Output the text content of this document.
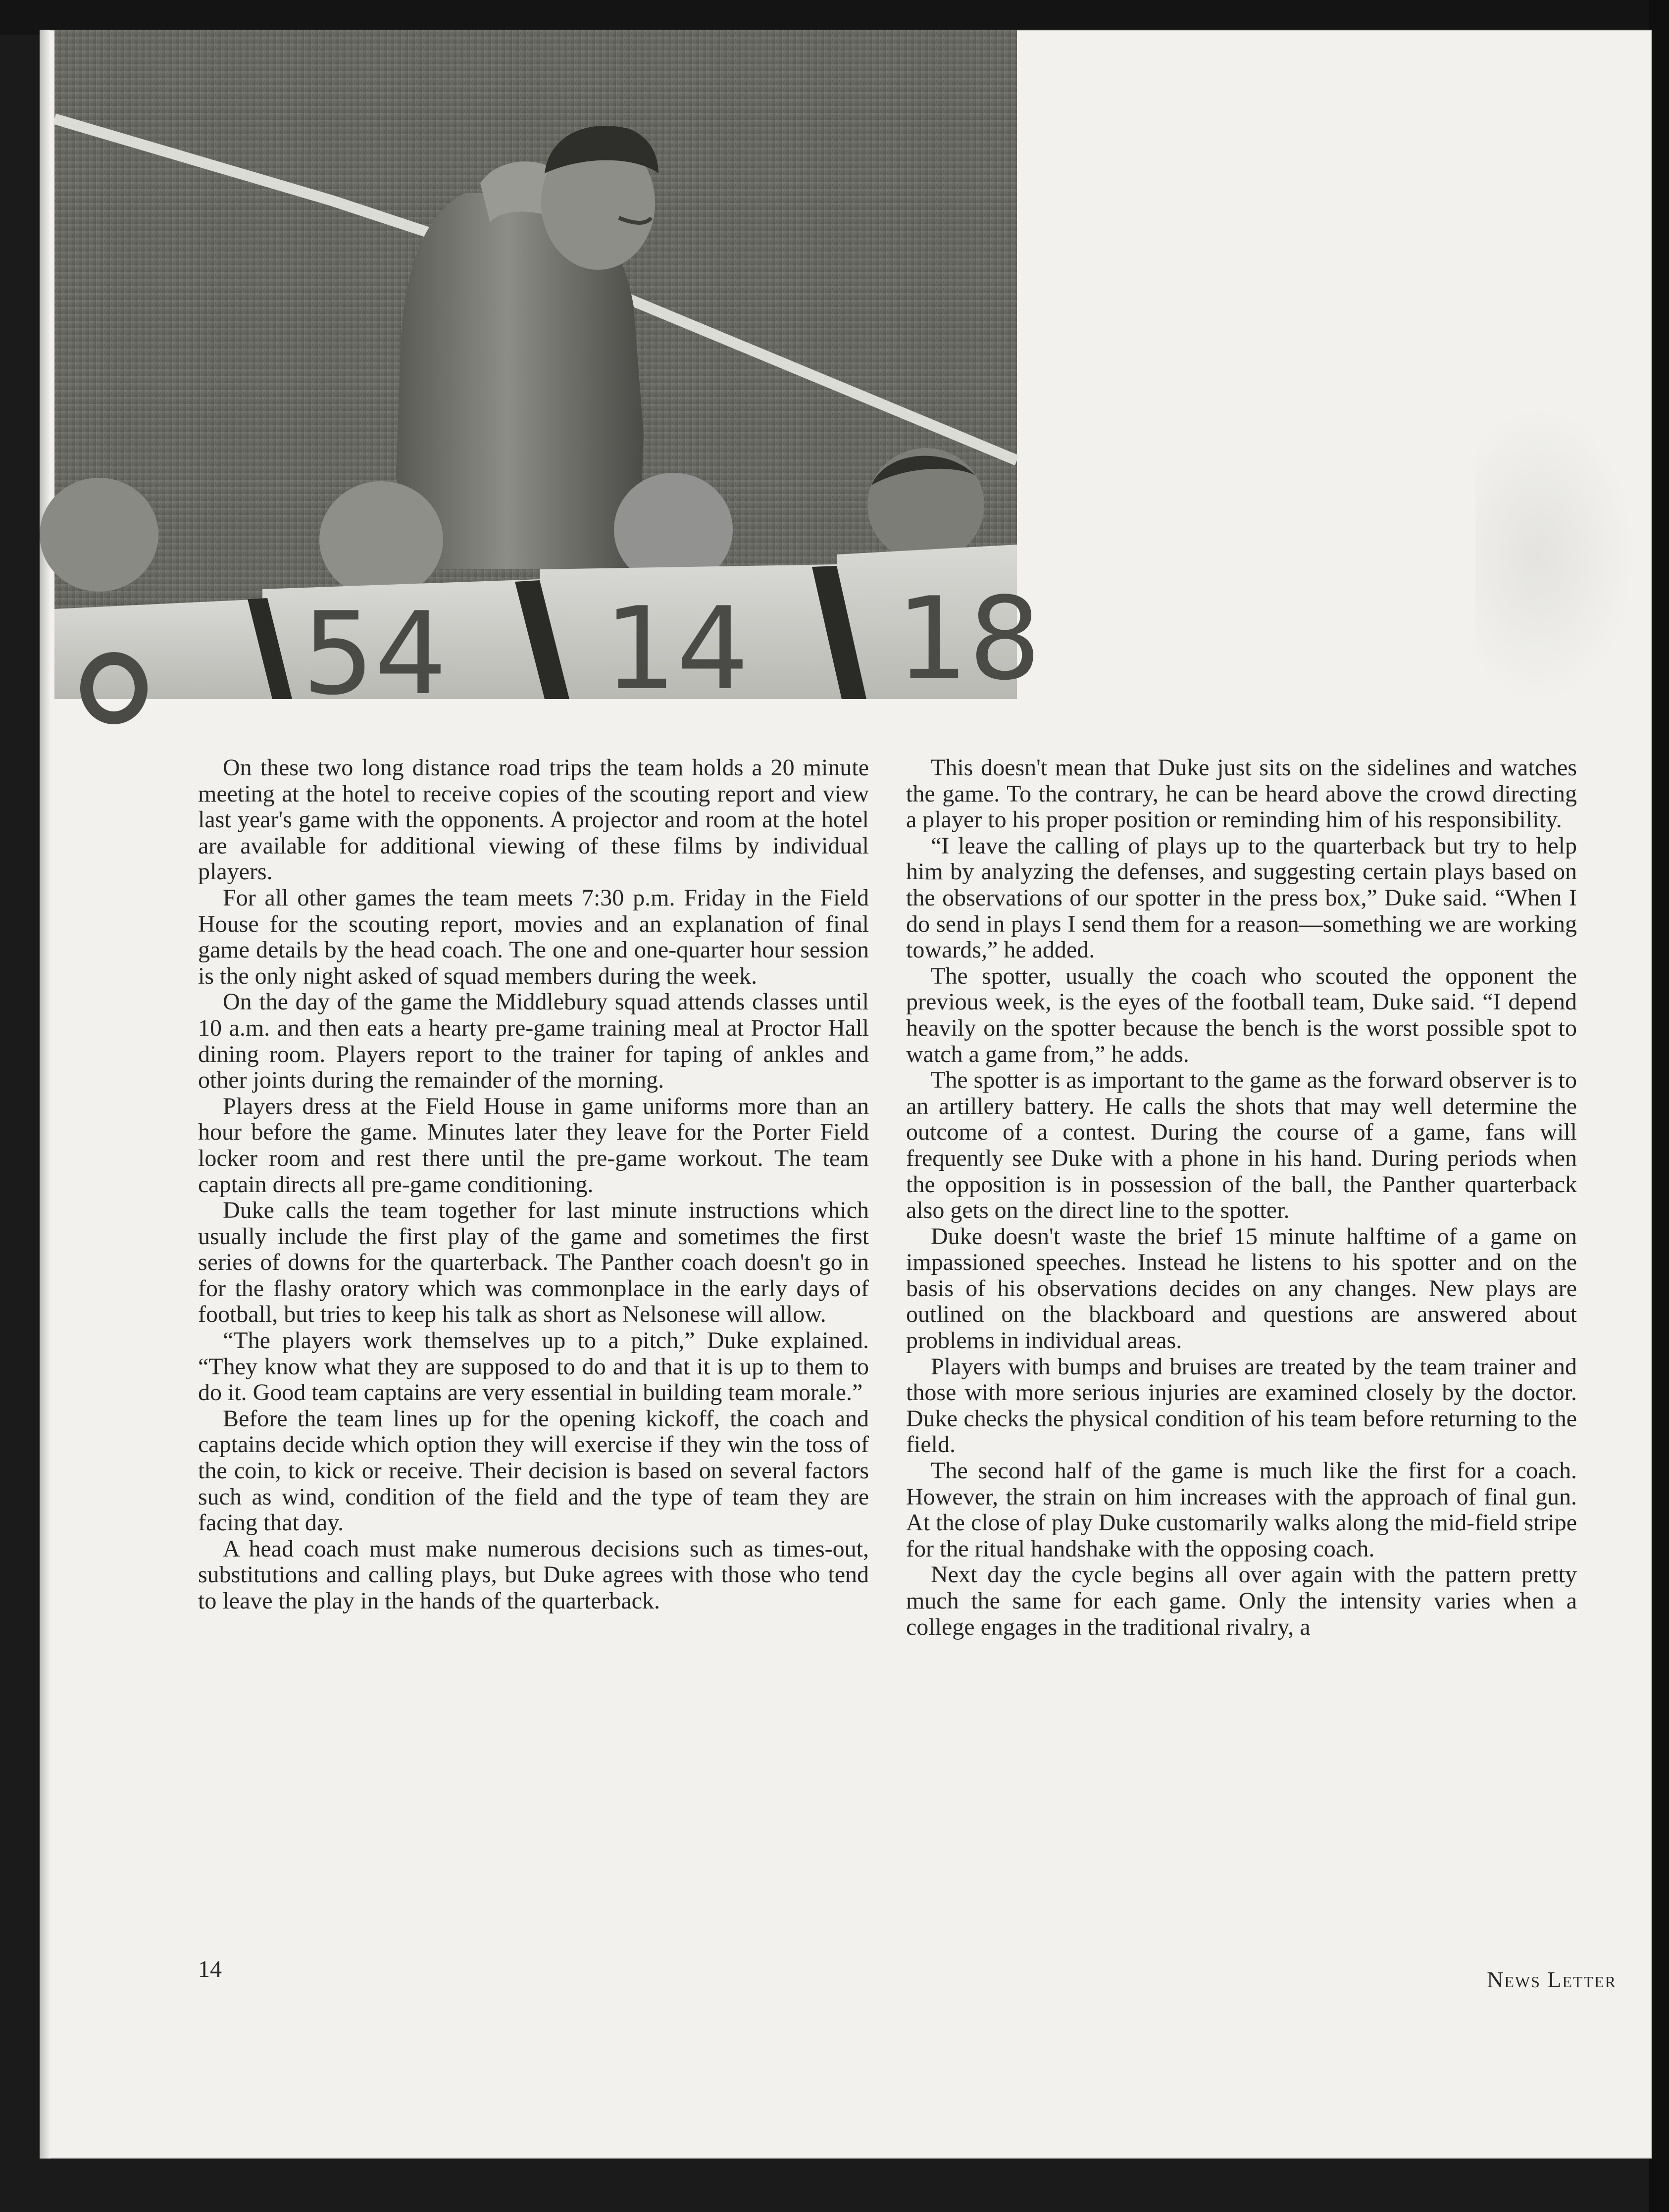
54 14 18

On these two long distance road trips the team holds a 20 minute meeting at the hotel to receive copies of the scouting report and view last year's game with the opponents. A projector and room at the hotel are available for additional viewing of these films by individual players.

For all other games the team meets 7:30 p.m. Friday in the Field House for the scouting report, movies and an explanation of final game details by the head coach. The one and one-quarter hour session is the only night asked of squad members during the week.

On the day of the game the Middlebury squad attends classes until 10 a.m. and then eats a hearty pre-game training meal at Proctor Hall dining room. Players report to the trainer for taping of ankles and other joints during the remainder of the morning.

Players dress at the Field House in game uniforms more than an hour before the game. Minutes later they leave for the Porter Field locker room and rest there until the pre-game workout. The team captain directs all pre-game conditioning.

Duke calls the team together for last minute instructions which usually include the first play of the game and sometimes the first series of downs for the quarterback. The Panther coach doesn't go in for the flashy oratory which was commonplace in the early days of football, but tries to keep his talk as short as Nelsonese will allow.

“The players work themselves up to a pitch,” Duke explained. “They know what they are supposed to do and that it is up to them to do it. Good team captains are very essential in building team morale.”

Before the team lines up for the opening kickoff, the coach and captains decide which option they will exercise if they win the toss of the coin, to kick or receive. Their decision is based on several factors such as wind, condition of the field and the type of team they are facing that day.

A head coach must make numerous decisions such as times-out, substitutions and calling plays, but Duke agrees with those who tend to leave the play in the hands of the quarterback.

This doesn't mean that Duke just sits on the sidelines and watches the game. To the contrary, he can be heard above the crowd directing a player to his proper position or reminding him of his responsibility.

“I leave the calling of plays up to the quarterback but try to help him by analyzing the defenses, and suggesting certain plays based on the observations of our spotter in the press box,” Duke said. “When I do send in plays I send them for a reason—something we are working towards,” he added.

The spotter, usually the coach who scouted the opponent the previous week, is the eyes of the football team, Duke said. “I depend heavily on the spotter because the bench is the worst possible spot to watch a game from,” he adds.

The spotter is as important to the game as the forward observer is to an artillery battery. He calls the shots that may well determine the outcome of a contest. During the course of a game, fans will frequently see Duke with a phone in his hand. During periods when the opposition is in possession of the ball, the Panther quarterback also gets on the direct line to the spotter.

Duke doesn't waste the brief 15 minute halftime of a game on impassioned speeches. Instead he listens to his spotter and on the basis of his observations decides on any changes. New plays are outlined on the blackboard and questions are answered about problems in individual areas.

Players with bumps and bruises are treated by the team trainer and those with more serious injuries are examined closely by the doctor. Duke checks the physical condition of his team before returning to the field.

The second half of the game is much like the first for a coach. However, the strain on him increases with the approach of final gun. At the close of play Duke customarily walks along the mid-field stripe for the ritual handshake with the opposing coach.

Next day the cycle begins all over again with the pattern pretty much the same for each game. Only the intensity varies when a college engages in the traditional rivalry, a

14	News Letter
